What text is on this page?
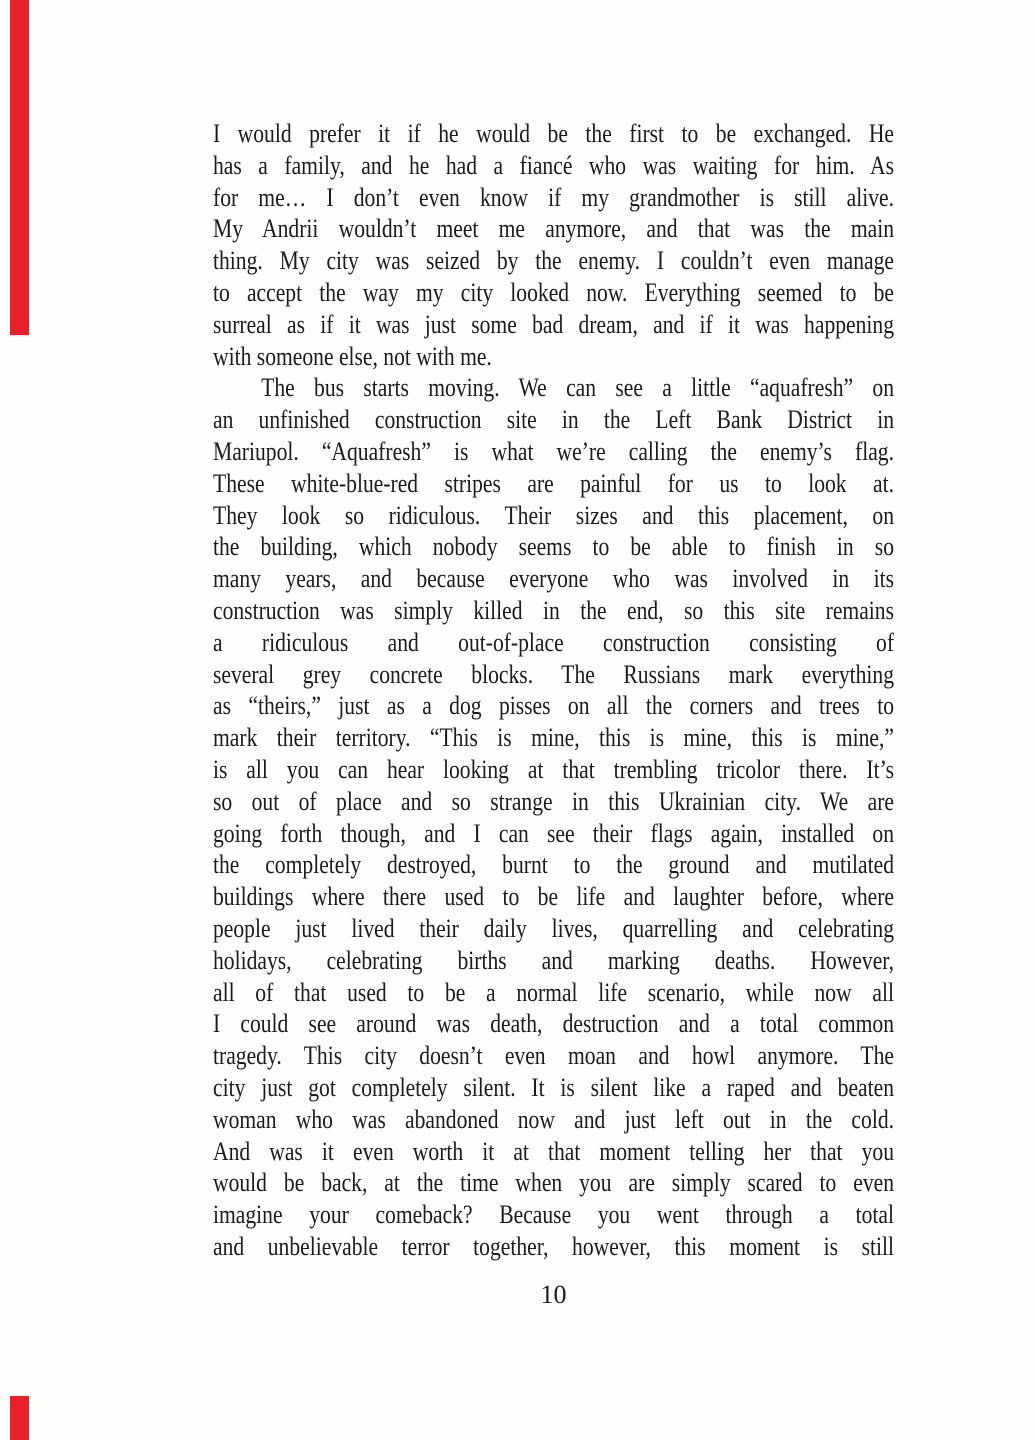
I would prefer it if he would be the first to be exchanged. He
has a family, and he had a fiancé who was waiting for him. As
for me… I don’t even know if my grandmother is still alive.
My Andrii wouldn’t meet me anymore, and that was the main
thing. My city was seized by the enemy. I couldn’t even manage
to accept the way my city looked now. Everything seemed to be
surreal as if it was just some bad dream, and if it was happening
with someone else, not with me.
The bus starts moving. We can see a little “aquafresh” on
an unfinished construction site in the Left Bank District in
Mariupol. “Aquafresh” is what we’re calling the enemy’s flag.
These white-blue-red stripes are painful for us to look at.
They look so ridiculous. Their sizes and this placement, on
the building, which nobody seems to be able to finish in so
many years, and because everyone who was involved in its
construction was simply killed in the end, so this site remains
a ridiculous and out-of-place construction consisting of
several grey concrete blocks. The Russians mark everything
as “theirs,” just as a dog pisses on all the corners and trees to
mark their territory. “This is mine, this is mine, this is mine,”
is all you can hear looking at that trembling tricolor there. It’s
so out of place and so strange in this Ukrainian city. We are
going forth though, and I can see their flags again, installed on
the completely destroyed, burnt to the ground and mutilated
buildings where there used to be life and laughter before, where
people just lived their daily lives, quarrelling and celebrating
holidays, celebrating births and marking deaths. However,
all of that used to be a normal life scenario, while now all
I could see around was death, destruction and a total common
tragedy. This city doesn’t even moan and howl anymore. The
city just got completely silent. It is silent like a raped and beaten
woman who was abandoned now and just left out in the cold.
And was it even worth it at that moment telling her that you
would be back, at the time when you are simply scared to even
imagine your comeback? Because you went through a total
and unbelievable terror together, however, this moment is still
10
